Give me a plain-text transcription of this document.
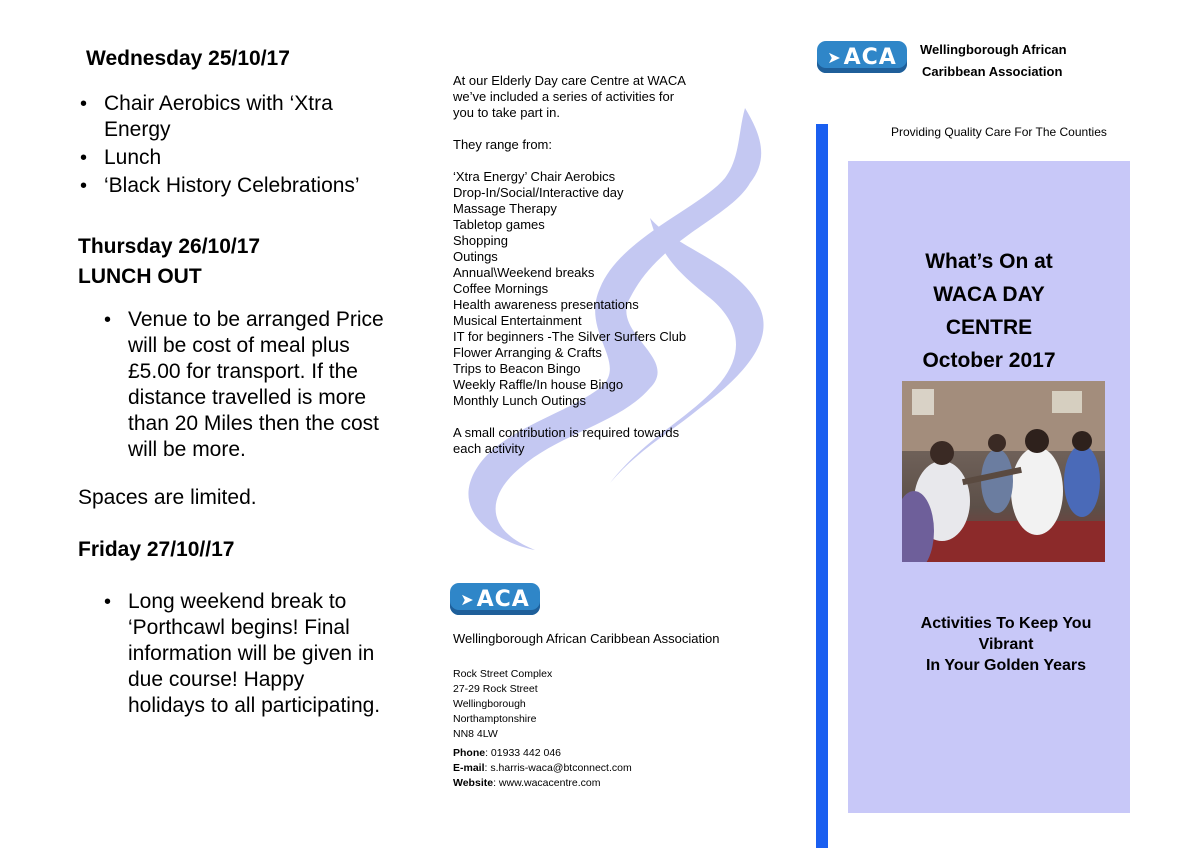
Wednesday 25/10/17
• Chair Aerobics with ‘Xtra Energy
• Lunch
• ‘Black History Celebrations’
Thursday 26/10/17
LUNCH OUT
• Venue to be arranged Price will be cost of meal plus £5.00 for transport. If the distance travelled is more than 20 Miles then the cost will be more.
Spaces are limited.
Friday 27/10//17
• Long weekend break to ‘Porthcawl begins! Final information will be given in due course! Happy holidays to all participating.

At our Elderly Day care Centre at WACA

we’ve included a series of activities for

you to take part in.

They range from:

‘Xtra Energy’ Chair Aerobics

Drop-In/Social/Interactive day

Massage Therapy

Tabletop games

Shopping

Outings

Annual\Weekend breaks

Coffee Mornings

Health awareness presentations

Musical Entertainment

IT for beginners -The Silver Surfers Club

Flower Arranging & Crafts

Trips to Beacon Bingo

Weekly Raffle/In house Bingo

Monthly Lunch Outings

A small contribution is required towards

each activity

➤ ACA
Wellingborough African Caribbean Association
Rock Street Complex
27-29 Rock Street
Wellingborough
Northamptonshire
NN8 4LW
Phone: 01933 442 046
E-mail: s.harris-waca@btconnect.com
Website: www.wacacentre.com
➤ ACA Wellingborough African
Caribbean Association
Providing Quality Care For The Counties
What’s On at
WACA DAY
CENTRE
October 2017
Activities To Keep You
Vibrant
In Your Golden Years
